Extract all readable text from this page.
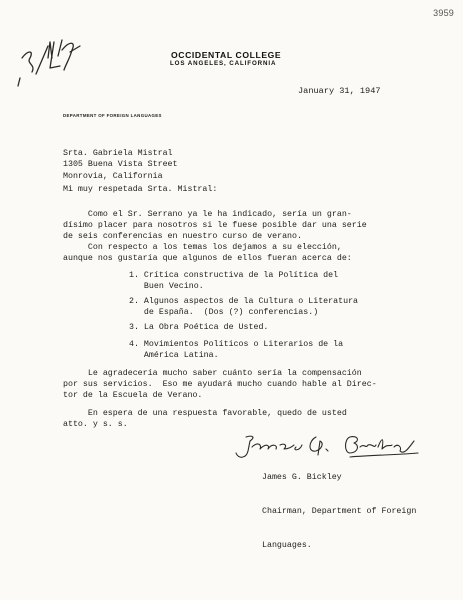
3959
OCCIDENTAL COLLEGE
LOS ANGELES, CALIFORNIA
January 31, 1947
DEPARTMENT OF FOREIGN LANGUAGES
Srta. Gabriela Mistral
1305 Buena Vista Street
Monrovia, California
Mi muy respetada Srta. Mistral:
Como el Sr. Serrano ya le ha indicado, sería un gran-
dísimo placer para nosotros si le fuese posible dar una serie
de seis conferencias en nuestro curso de verano.
Con respecto a los temas los dejamos a su elección,
aunque nos gustaría que algunos de ellos fueran acerca de:
1. Crítica constructiva de la Política del
Buen Vecino.
2. Algunos aspectos de la Cultura o Literatura
de España.  (Dos (?) conferencias.)
3. La Obra Poética de Usted.
4. Movimientos Políticos o Literarios de la
América Latina.
Le agradecería mucho saber cuánto sería la compensación
por sus servicios.  Eso me ayudará mucho cuando hable al Direc-
tor de la Escuela de Verano.
En espera de una respuesta favorable, quedo de usted
atto. y s. s.

James G. Bickley

Chairman, Department of Foreign

Languages.
